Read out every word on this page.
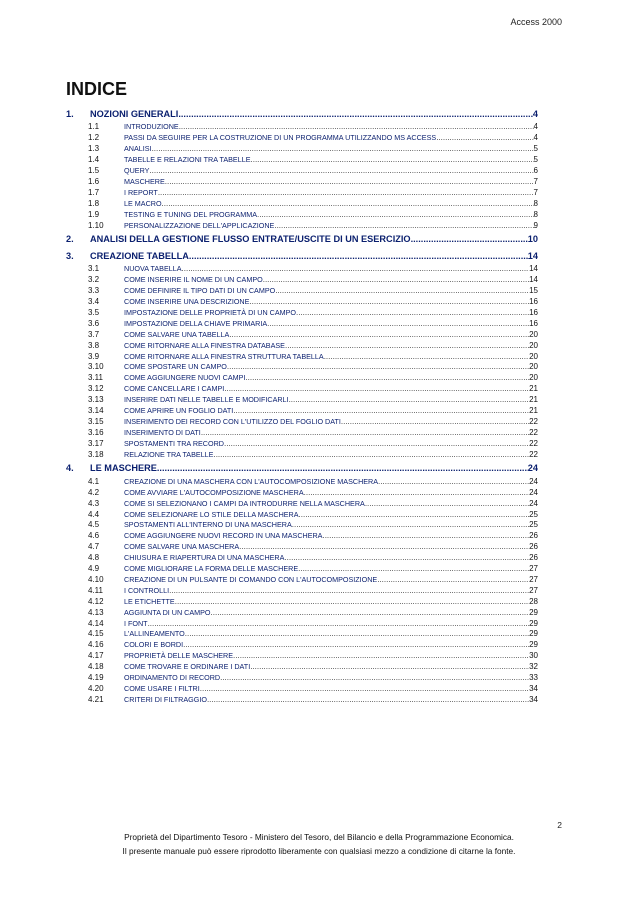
Access 2000
INDICE
1.	NOZIONI GENERALI .....	4
1.1	INTRODUZIONE .....	4
1.2	PASSI DA SEGUIRE PER LA COSTRUZIONE DI UN PROGRAMMA UTILIZZANDO MS ACCESS .....	4
1.3	ANALISI .....	5
1.4	TABELLE E RELAZIONI TRA TABELLE .....	5
1.5	QUERY .....	6
1.6	MASCHERE .....	7
1.7	I REPORT .....	7
1.8	LE MACRO .....	8
1.9	TESTING E TUNING DEL PROGRAMMA .....	8
1.10	PERSONALIZZAZIONE DELL'APPLICAZIONE .....	9
2.	ANALISI DELLA GESTIONE FLUSSO ENTRATE/USCITE DI UN ESERCIZIO .....	10
3.	CREAZIONE TABELLA .....	14
3.1	NUOVA TABELLA .....	14
3.2	COME INSERIRE IL NOME DI UN CAMPO .....	14
3.3	COME DEFINIRE IL TIPO DATI DI UN CAMPO .....	15
3.4	COME INSERIRE UNA DESCRIZIONE .....	16
3.5	IMPOSTAZIONE DELLE PROPRIETÀ DI UN CAMPO .....	16
3.6	IMPOSTAZIONE DELLA CHIAVE PRIMARIA .....	16
3.7	COME SALVARE UNA TABELLA .....	20
3.8	COME RITORNARE ALLA FINESTRA DATABASE .....	20
3.9	COME RITORNARE ALLA FINESTRA STRUTTURA TABELLA .....	20
3.10	COME SPOSTARE UN CAMPO .....	20
3.11	COME AGGIUNGERE NUOVI CAMPI .....	20
3.12	COME CANCELLARE I CAMPI .....	21
3.13	INSERIRE DATI NELLE TABELLE E MODIFICARLI .....	21
3.14	COME APRIRE UN FOGLIO DATI .....	21
3.15	INSERIMENTO DEI RECORD CON L'UTILIZZO DEL FOGLIO DATI .....	22
3.16	INSERIMENTO DI DATI .....	22
3.17	SPOSTAMENTI TRA RECORD .....	22
3.18	RELAZIONE TRA TABELLE .....	22
4.	LE MASCHERE .....	24
4.1	CREAZIONE DI UNA MASCHERA CON L'AUTOCOMPOSIZIONE MASCHERA .....	24
4.2	COME AVVIARE L'AUTOCOMPOSIZIONE MASCHERA .....	24
4.3	COME SI SELEZIONANO I CAMPI DA INTRODURRE NELLA MASCHERA .....	24
4.4	COME SELEZIONARE LO STILE DELLA MASCHERA .....	25
4.5	SPOSTAMENTI ALL'INTERNO DI UNA MASCHERA .....	25
4.6	COME AGGIUNGERE NUOVI RECORD IN UNA MASCHERA .....	26
4.7	COME SALVARE UNA MASCHERA .....	26
4.8	CHIUSURA E RIAPERTURA DI UNA MASCHERA .....	26
4.9	COME MIGLIORARE LA FORMA DELLE MASCHERE .....	27
4.10	CREAZIONE DI UN PULSANTE DI COMANDO CON L'AUTOCOMPOSIZIONE .....	27
4.11	I CONTROLLI .....	27
4.12	LE ETICHETTE .....	28
4.13	AGGIUNTA DI UN CAMPO .....	29
4.14	I FONT .....	29
4.15	L'ALLINEAMENTO .....	29
4.16	COLORI E BORDI .....	29
4.17	PROPRIETÀ DELLE MASCHERE .....	30
4.18	COME TROVARE E ORDINARE I DATI .....	32
4.19	ORDINAMENTO DI RECORD .....	33
4.20	COME USARE I FILTRI .....	34
4.21	CRITERI DI FILTRAGGIO .....	34
2
Proprietà del Dipartimento Tesoro - Ministero del Tesoro, del Bilancio e della Programmazione Economica.
Il presente manuale può essere riprodotto liberamente con qualsiasi mezzo a condizione di citarne la fonte.
